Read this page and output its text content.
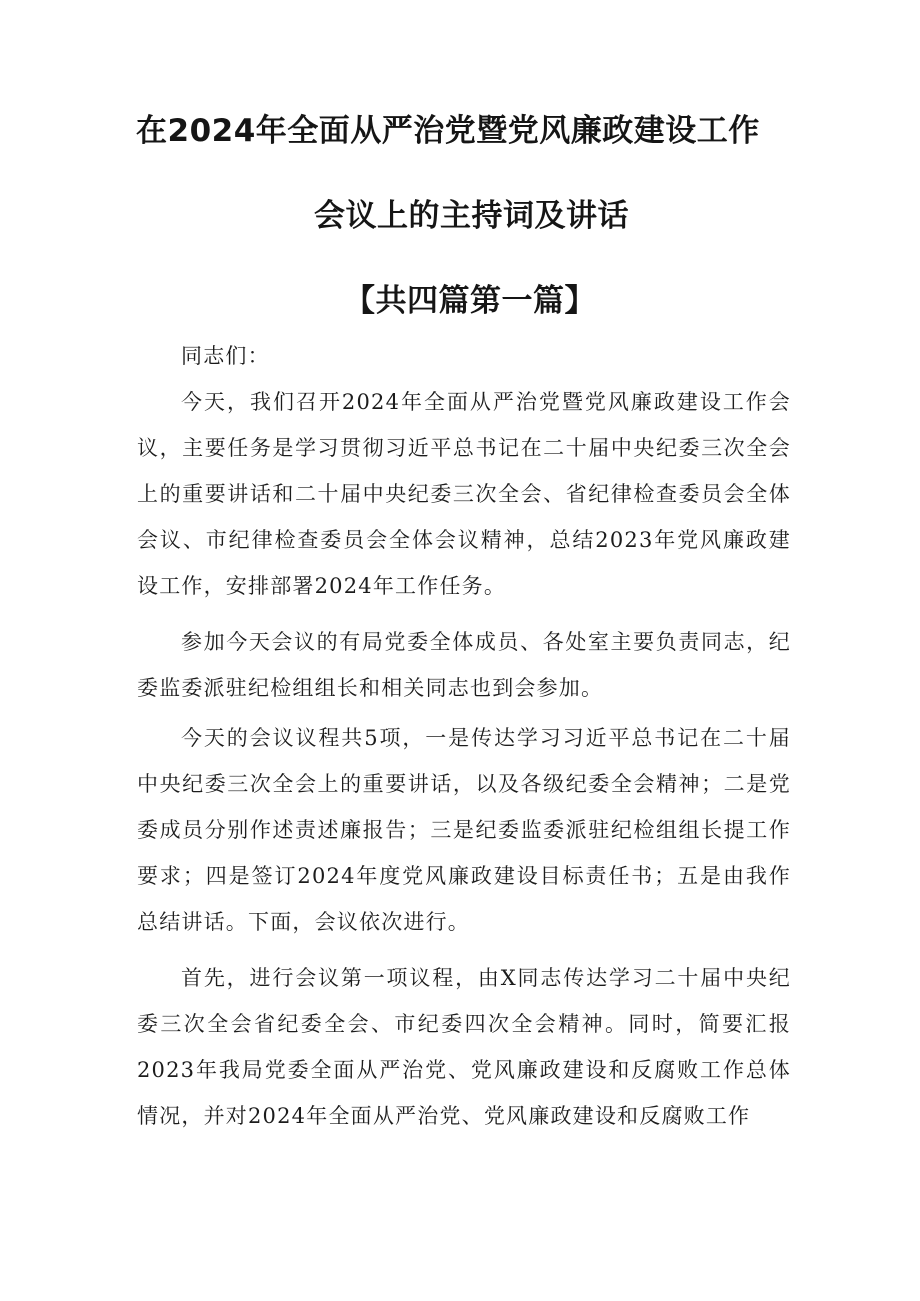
在2024年全面从严治党暨党风廉政建设工作
会议上的主持词及讲话
【共四篇第一篇】

同志们：

今天，我们召开2024年全面从严治党暨党风廉政建设工作会议，主要任务是学习贯彻习近平总书记在二十届中央纪委三次全会上的重要讲话和二十届中央纪委三次全会、省纪律检查委员会全体会议、市纪律检查委员会全体会议精神，总结2023年党风廉政建设工作，安排部署2024年工作任务。

参加今天会议的有局党委全体成员、各处室主要负责同志，纪委监委派驻纪检组组长和相关同志也到会参加。

今天的会议议程共5项，一是传达学习习近平总书记在二十届中央纪委三次全会上的重要讲话，以及各级纪委全会精神；二是党委成员分别作述责述廉报告；三是纪委监委派驻纪检组组长提工作要求；四是签订2024年度党风廉政建设目标责任书；五是由我作总结讲话。下面，会议依次进行。

首先，进行会议第一项议程，由X同志传达学习二十届中央纪委三次全会省纪委全会、市纪委四次全会精神。同时，简要汇报2023年我局党委全面从严治党、党风廉政建设和反腐败工作总体情况，并对2024年全面从严治党、党风廉政建设和反腐败工作
